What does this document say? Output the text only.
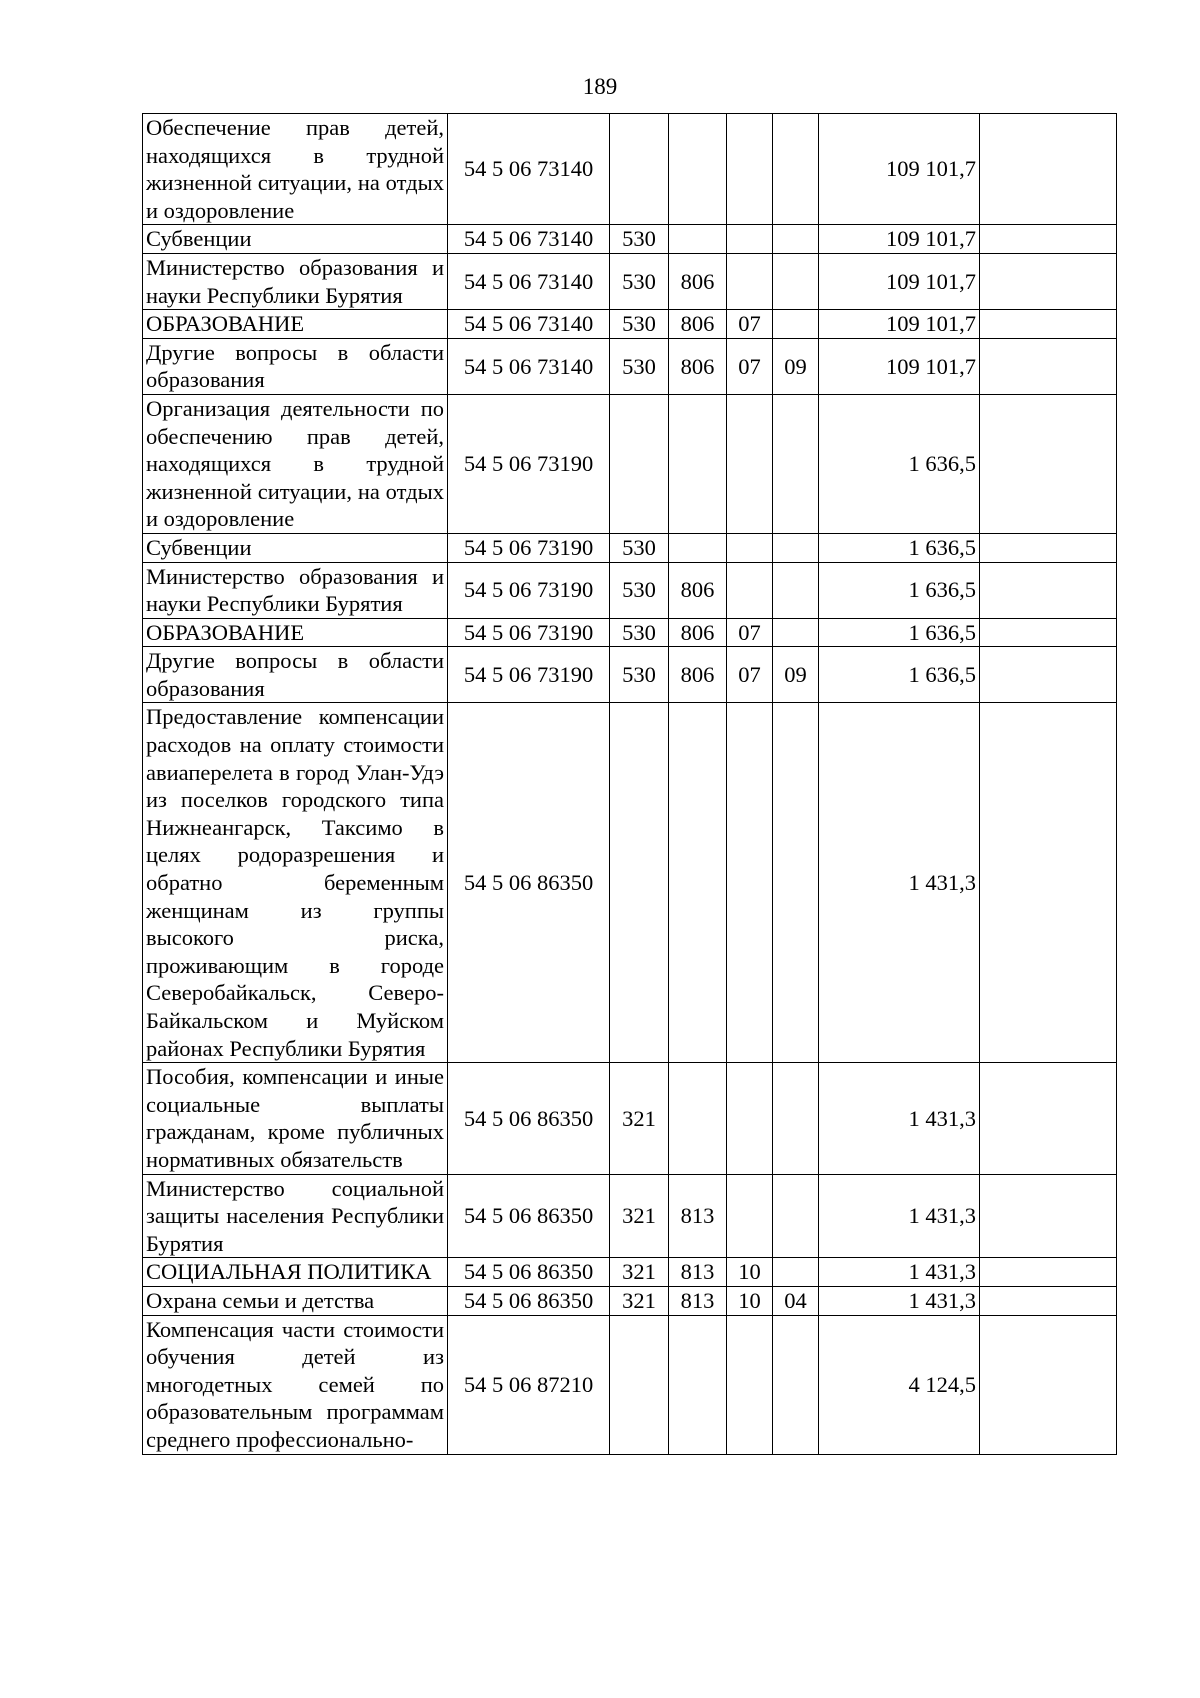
189
Обеспечение прав детей, находящихся в трудной жизненной ситуации, на отдых и оздоровление	54 5 06 73140					109 101,7	
Субвенции	54 5 06 73140	530				109 101,7	
Министерство образования и науки Республики Бурятия	54 5 06 73140	530	806			109 101,7	
ОБРАЗОВАНИЕ	54 5 06 73140	530	806	07		109 101,7	
Другие вопросы в области образования	54 5 06 73140	530	806	07	09	109 101,7	
Организация деятельности по обеспечению прав детей, находящихся в трудной жизненной ситуации, на отдых и оздоровление	54 5 06 73190					1 636,5	
Субвенции	54 5 06 73190	530				1 636,5	
Министерство образования и науки Республики Бурятия	54 5 06 73190	530	806			1 636,5	
ОБРАЗОВАНИЕ	54 5 06 73190	530	806	07		1 636,5	
Другие вопросы в области образования	54 5 06 73190	530	806	07	09	1 636,5	
Предоставление компенсации расходов на оплату стоимости авиаперелета в город Улан-Удэ из поселков городского типа Нижнеангарск, Таксимо в целях родоразрешения и обратно беременным женщинам из группы высокого риска, проживающим в городе Северобайкальск, Северо-Байкальском и Муйском районах Республики Бурятия	54 5 06 86350					1 431,3	
Пособия, компенсации и иные социальные выплаты гражданам, кроме публичных нормативных обязательств	54 5 06 86350	321				1 431,3	
Министерство социальной защиты населения Республики Бурятия	54 5 06 86350	321	813			1 431,3	
СОЦИАЛЬНАЯ ПОЛИТИКА	54 5 06 86350	321	813	10		1 431,3	
Охрана семьи и детства	54 5 06 86350	321	813	10	04	1 431,3	
Компенсация части стоимости обучения детей из многодетных семей по образовательным программам среднего профессионально-	54 5 06 87210					4 124,5	
